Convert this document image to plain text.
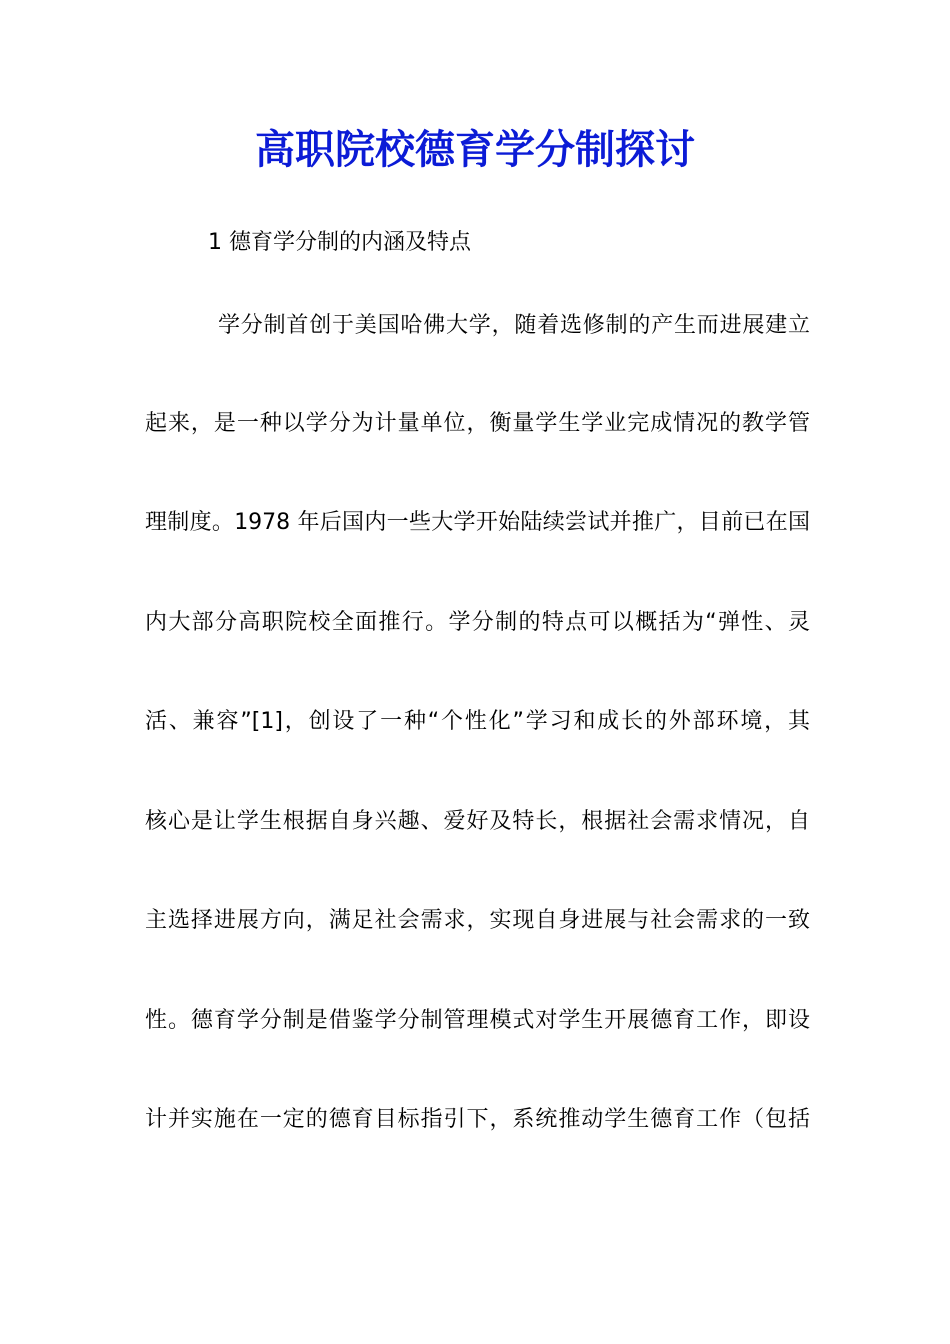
高职院校德育学分制探讨

1 德育学分制的内涵及特点

学分制首创于美国哈佛大学，随着选修制的产生而进展建立

起来，是一种以学分为计量单位，衡量学生学业完成情况的教学管

理制度。1978 年后国内一些大学开始陆续尝试并推广，目前已在国

内大部分高职院校全面推行。学分制的特点可以概括为“弹性、灵

活、兼容”[1]，创设了一种“个性化”学习和成长的外部环境，其

核心是让学生根据自身兴趣、爱好及特长，根据社会需求情况，自

主选择进展方向，满足社会需求，实现自身进展与社会需求的一致

性。德育学分制是借鉴学分制管理模式对学生开展德育工作，即设

计并实施在一定的德育目标指引下，系统推动学生德育工作（包括
